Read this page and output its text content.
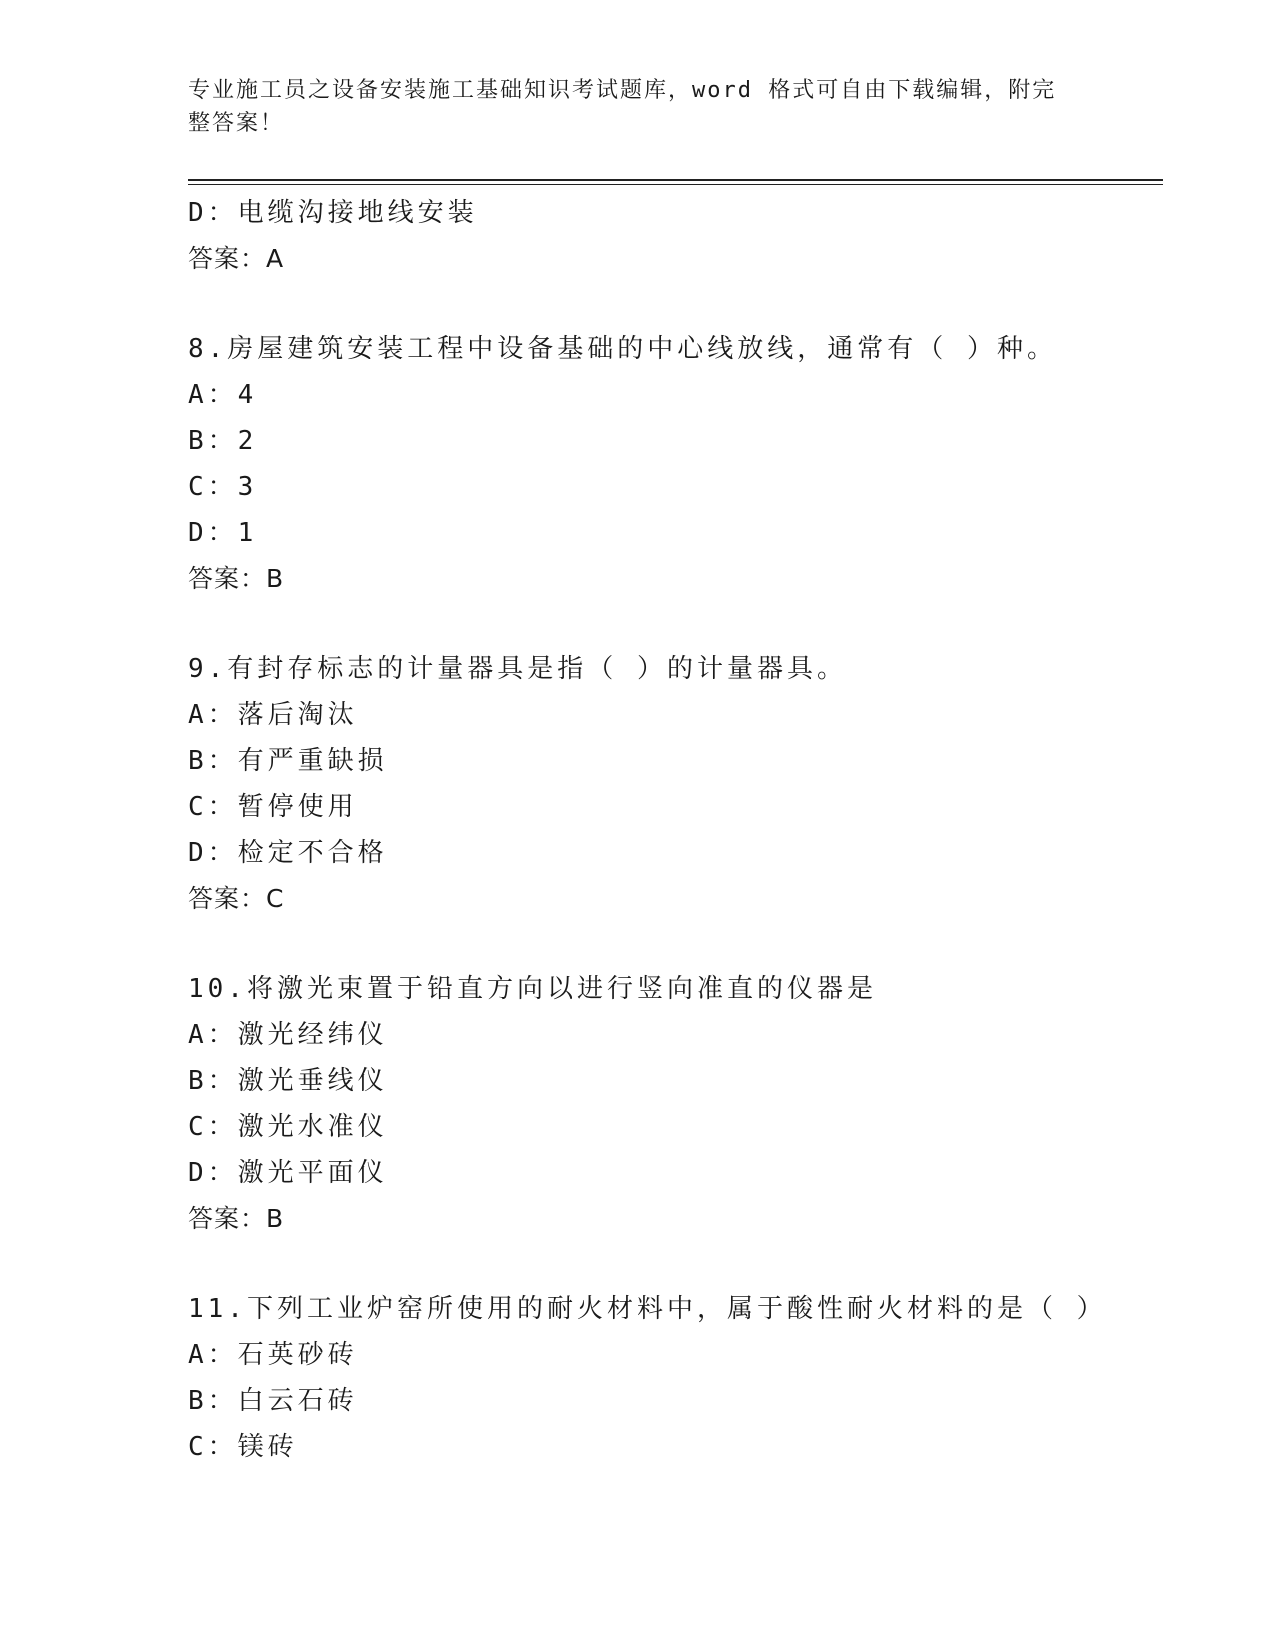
专业施工员之设备安装施工基础知识考试题库，word 格式可自由下载编辑，附完
整答案！
D：电缆沟接地线安装
答案：A
8.房屋建筑安装工程中设备基础的中心线放线，通常有（ ）种。
A：4
B：2
C：3
D：1
答案：B
9.有封存标志的计量器具是指（ ）的计量器具。
A：落后淘汰
B：有严重缺损
C：暂停使用
D：检定不合格
答案：C
10.将激光束置于铅直方向以进行竖向准直的仪器是
A：激光经纬仪
B：激光垂线仪
C：激光水准仪
D：激光平面仪
答案：B
11.下列工业炉窑所使用的耐火材料中，属于酸性耐火材料的是（ ）
A：石英砂砖
B：白云石砖
C：镁砖
